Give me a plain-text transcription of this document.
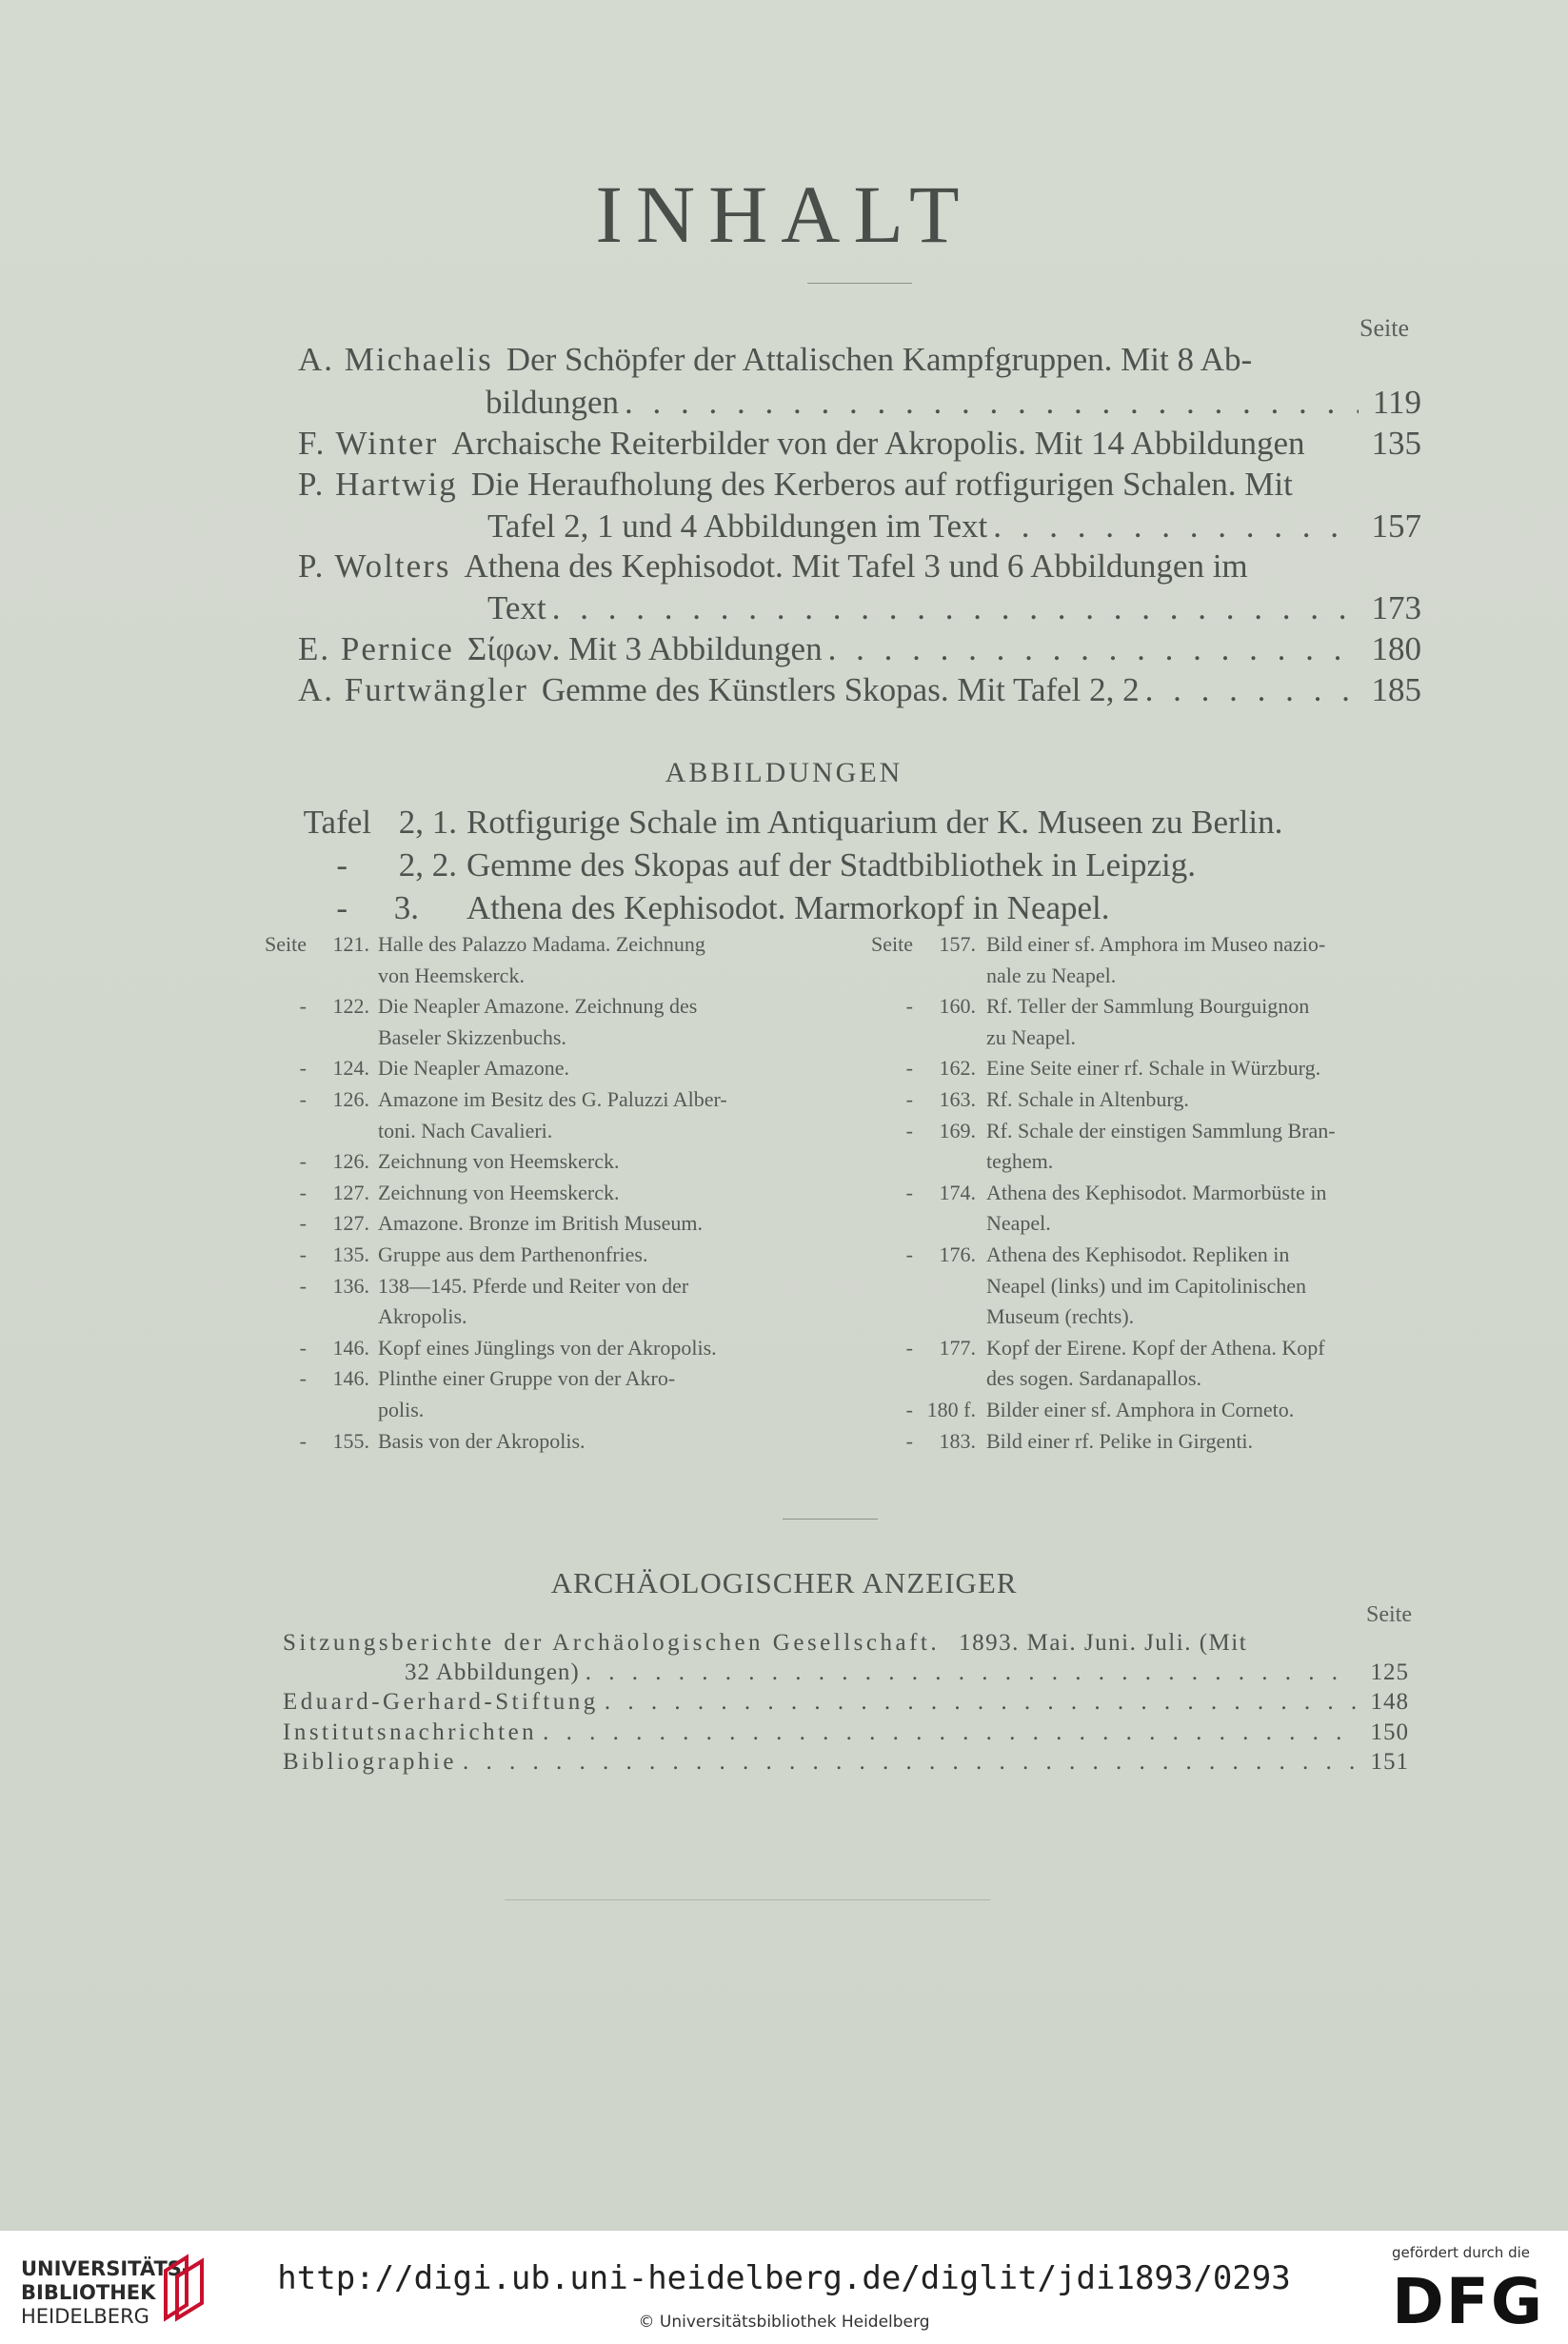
INHALT
Seite
A. Michaelis Der Schöpfer der Attalischen Kampfgruppen. Mit 8 Ab-
bildungen . . .	119
F. Winter Archaische Reiterbilder von der Akropolis. Mit 14 Abbildungen 135
P. Hartwig Die Heraufholung des Kerberos auf rotfigurigen Schalen. Mit
Tafel 2, 1 und 4 Abbildungen im Text . . .	157
P. Wolters Athena des Kephisodot. Mit Tafel 3 und 6 Abbildungen im
Text . . .	173
E. Pernice Σίφων. Mit 3 Abbildungen . . .	180
A. Furtwängler Gemme des Künstlers Skopas. Mit Tafel 2, 2 . . .	185
ABBILDUNGEN
Tafel 2, 1. Rotfigurige Schale im Antiquarium der K. Museen zu Berlin.
-	2, 2. Gemme des Skopas auf der Stadtbibliothek in Leipzig.
-	3. Athena des Kephisodot. Marmorkopf in Neapel.
Seite	121. Halle des Palazzo Madama. Zeichnung
von Heemskerck.
-	122. Die Neapler Amazone. Zeichnung des
Baseler Skizzenbuchs.
-	124. Die Neapler Amazone.
-	126. Amazone im Besitz des G. Paluzzi Alber-
toni. Nach Cavalieri.
-	126. Zeichnung von Heemskerck.
-	127. Zeichnung von Heemskerck.
-	127. Amazone. Bronze im British Museum.
-	135. Gruppe aus dem Parthenonfries.
-	136. 138—145. Pferde und Reiter von der
Akropolis.
-	146. Kopf eines Jünglings von der Akropolis.
-	146. Plinthe einer Gruppe von der Akro-
polis.
-	155. Basis von der Akropolis.
Seite	157. Bild einer sf. Amphora im Museo nazio-
nale zu Neapel.
-	160. Rf. Teller der Sammlung Bourguignon
zu Neapel.
-	162. Eine Seite einer rf. Schale in Würzburg.
-	163. Rf. Schale in Altenburg.
-	169. Rf. Schale der einstigen Sammlung Bran-
teghem.
-	174. Athena des Kephisodot. Marmorbüste in
Neapel.
-	176. Athena des Kephisodot. Repliken in
Neapel (links) und im Capitolinischen
Museum (rechts).
-	177. Kopf der Eirene. Kopf der Athena. Kopf
des sogen. Sardanapallos.
- 180 f. Bilder einer sf. Amphora in Corneto.
-	183. Bild einer rf. Pelike in Girgenti.
ARCHÄOLOGISCHER ANZEIGER
Seite
Sitzungsberichte der Archäologischen Gesellschaft. 1893. Mai. Juni. Juli. (Mit
32 Abbildungen) . . .	125
Eduard-Gerhard-Stiftung . . .	148
Institutsnachrichten . . .	150
Bibliographie . . .	151
UNIVERSITÄTS-
BIBLIOTHEK
HEIDELBERG
http://digi.ub.uni-heidelberg.de/diglit/jdi1893/0293
© Universitätsbibliothek Heidelberg
gefördert durch die
DFG
